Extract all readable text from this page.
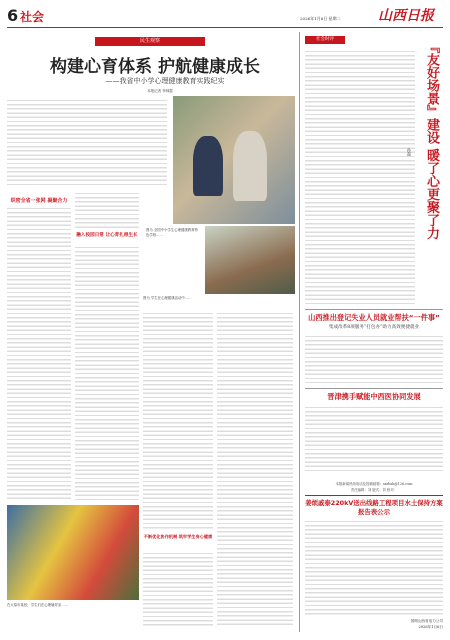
6 社会	2026年1月6日 星期二	山西日报
民生观察
构建心育体系 护航健康成长
——我省中小学心理健康教育实践纪实
本报记者 李林霞
织密全省一张网 凝聚合力
融入校园日常 让心育扎根生长
图为 全国中小学生心理健康教育特色学校……
图为 学生在心理健康活动中……
在太原市某校，学生们在心理辅导室……
不断优化协作机制 筑牢学生身心健康
社会时评
『友好场景』建设 暖了心更聚了力
孙磊
山西推出登记失业人员就业帮扶“一件事”
集成改革8项服务“打包办”助力高效便捷就业
晋津携手赋能中西医协同发展
本版新闻热线电话及投稿邮箱：sxrbsh@126.com
责任编辑：刘 版式：刘 校对：
姜烦戚泰220kV送出线路工程项目水土保持方案报告表公示
国网山西省电力公司
2026年1月6日
